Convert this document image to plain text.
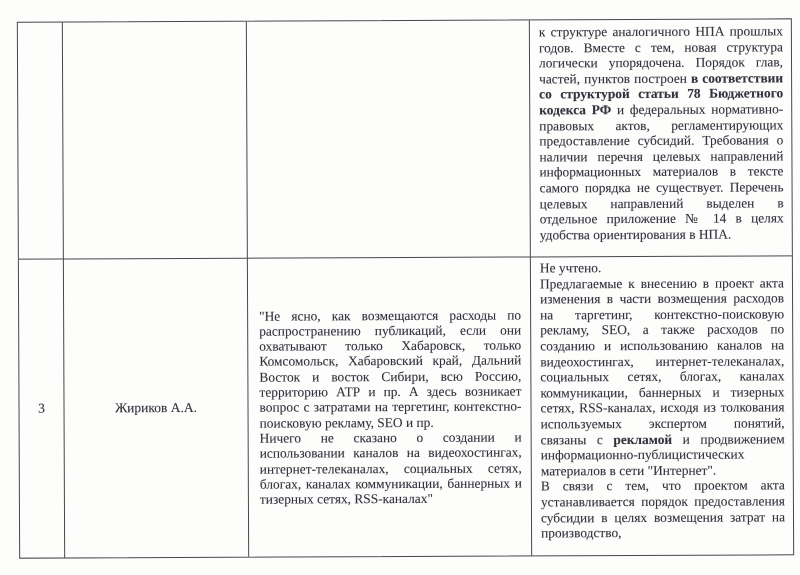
к структуре аналогичного НПА прошлых годов. Вместе с тем, новая структура логически упорядочена. Порядок глав, частей, пунктов построен в соответствии со структурой статьи 78 Бюджетного кодекса РФ и федеральных нормативно-правовых актов, регламентирующих предоставление субсидий. Требования о наличии перечня целевых направлений информационных материалов в тексте самого порядка не существует. Перечень целевых направлений выделен в отдельное приложение № 14 в целях удобства ориентирования в НПА.

3	Жириков А.А.

"Не ясно, как возмещаются расходы по распространению публикаций, если они охватывают только Хабаровск, только Комсомольск, Хабаровский край, Дальний Восток и восток Сибири, всю Россию, территорию АТР и пр. А здесь возникает вопрос с затратами на тергетинг, контекстно-поисковую рекламу, SEO и пр.

Ничего не сказано о создании и использовании каналов на видеохостингах, интернет-телеканалах, социальных сетях, блогах, каналах коммуникации, баннерных и тизерных сетях, RSS-каналах"

Не учтено.

Предлагаемые к внесению в проект акта изменения в части возмещения расходов на таргетинг, контекстно-поисковую рекламу, SEO, а также расходов по созданию и использованию каналов на видеохостингах, интернет-телеканалах, социальных сетях, блогах, каналах коммуникации, баннерных и тизерных сетях, RSS-каналах, исходя из толкования используемых экспертом понятий, связаны с рекламой и продвижением информационно-публицистических материалов в сети "Интернет".

В связи с тем, что проектом акта устанавливается порядок предоставления субсидии в целях возмещения затрат на производство,
